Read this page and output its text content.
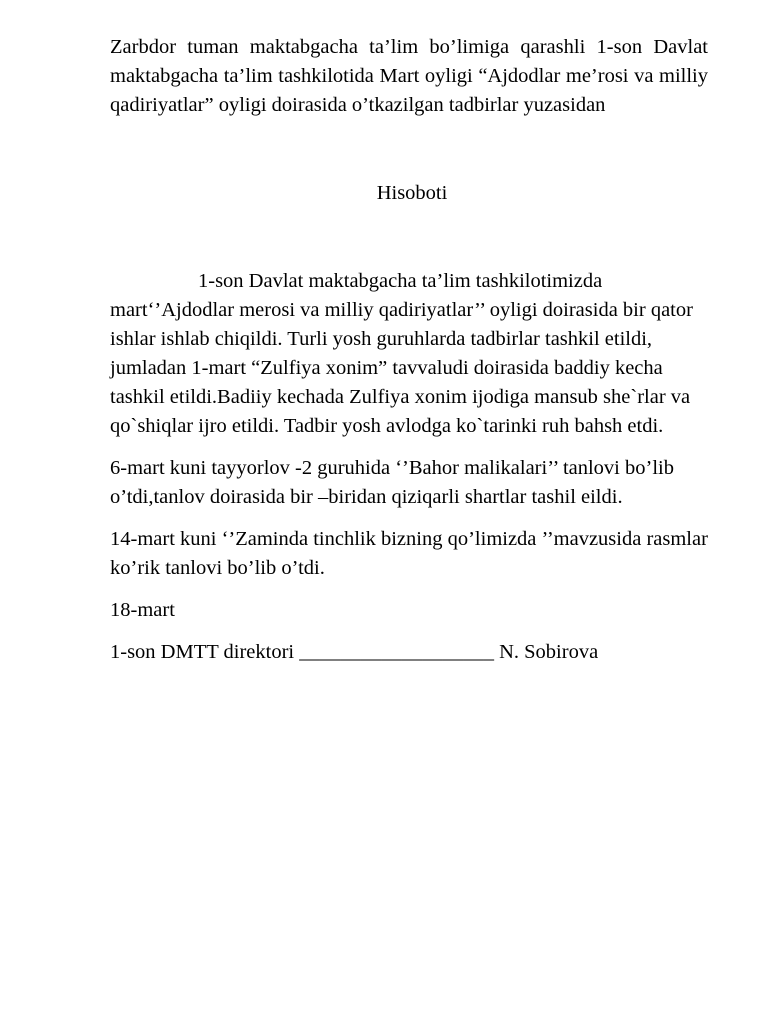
Zarbdor tuman maktabgacha ta’lim bo’limiga qarashli 1-son Davlat maktabgacha ta’lim tashkilotida Mart oyligi “Ajdodlar me’rosi va milliy qadiriyatlar” oyligi doirasida o’tkazilgan tadbirlar yuzasidan

Hisoboti

1-son Davlat maktabgacha ta’lim tashkilotimizda mart‘’Ajdodlar merosi va milliy qadiriyatlar’’ oyligi doirasida bir qator ishlar ishlab chiqildi. Turli yosh guruhlarda tadbirlar tashkil etildi, jumladan 1-mart “Zulfiya xonim” tavvaludi doirasida baddiy kecha tashkil etildi.Badiiy kechada Zulfiya xonim ijodiga mansub she`rlar va qo`shiqlar ijro etildi. Tadbir yosh avlodga ko`tarinki ruh bahsh etdi.

6-mart kuni tayyorlov -2 guruhida ‘’Bahor malikalari’’ tanlovi bo’lib o’tdi,tanlov doirasida bir –biridan qiziqarli shartlar tashil eildi.

14-mart kuni ‘’Zaminda tinchlik bizning qo’limizda ’’mavzusida rasmlar ko’rik tanlovi bo’lib o’tdi.

18-mart

1-son DMTT direktori ___________________ N. Sobirova
